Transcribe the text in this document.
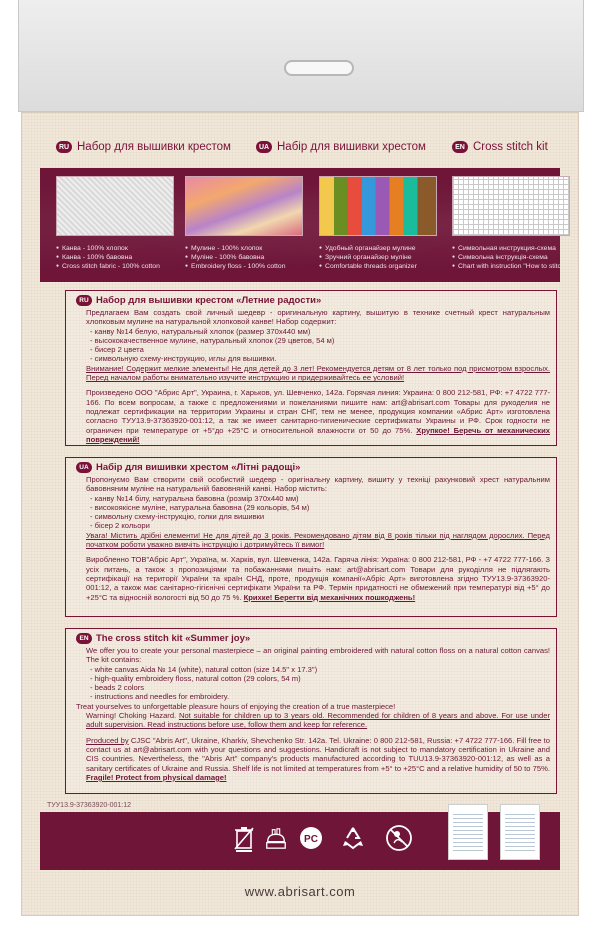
RU Набор для вышивки крестом	UA Набір для вишивки хрестом	EN Cross stitch kit
● Канва - 100% хлопок
● Канва - 100% бавовна
● Cross stitch fabric - 100% cotton
● Мулине - 100% хлопок
● Муліне - 100% бавовна
● Embroidery floss - 100% cotton
● Удобный органайзер мулине
● Зручний органайзер муліне
● Comfortable threads organizer
● Символьная инструкция-схема
● Символьна інструкція-схема
● Chart with instruction "How to stitch"
RU Набор для вышивки крестом «Летние радости»

Предлагаем Вам создать свой личный шедевр - оригинальную картину, вышитую в технике счетный крест натуральным хлопковым мулине на натуральной хлопковой канве! Набор содержит:

- канву №14 белую, натуральный хлопок (размер 370х440 мм)
- высококачественное мулине, натуральный хлопок (29 цветов, 54 м)
- бисер 2 цвета
- символьную схему-инструкцию, иглы для вышивки.

Внимание! Содержит мелкие элементы! Не для детей до 3 лет! Рекомендуется детям от 8 лет только под присмотром взрослых. Перед началом работы внимательно изучите инструкцию и придерживайтесь ее условий!

Произведено ООО "Абрис Арт", Украина, г. Харьков, ул. Шевченко, 142а. Горячая линия: Украина: 0 800 212-581, РФ: +7 4722 777-166. По всем вопросам, а также с предложениями и пожеланиями пишите нам: art@abrisart.com Товары для рукоделия не подлежат сертификации на территории Украины и стран СНГ, тем не менее, продукция компании «Абрис Арт» изготовлена согласно ТУУ13.9-37363920-001:12, а так же имеет санитарно-гигиенические сертификаты Украины и РФ. Срок годности не ограничен при температуре от +5°до +25°С и относительной влажности от 50 до 75%. Хрупкое! Беречь от механических повреждений!

UA Набір для вишивки хрестом «Літні радощі»

Пропонуємо Вам створити свій особистий шедевр - оригінальну картину, вишиту у техніці рахунковий хрест натуральним бавовняним муліне на натуральній бавовняній канві. Набор містить:

- канву №14 білу, натуральна бавовна (розмір 370х440 мм)
- високоякісне муліне, натуральна бавовна (29 кольорів, 54 м)
- символьну схему-інструкцію, голки для вишивки
- бісер 2 кольори

Увага! Містить дрібні елементи! Не для дітей до 3 років. Рекомендовано дітям від 8 років тільки під наглядом дорослих. Перед початком роботи уважно вивчіть інструкцію і дотримуйтесь її вимог!

Виробленно ТОВ"Абріс Арт", Україна, м. Харків, вул. Шевченка, 142а. Гаряча лінія: Україна: 0 800 212-581, РФ - +7 4722 777-166. З усіх питань, а також з пропозиціями та побажаннями пишіть нам: art@abrisart.com Товари для рукоділля не підлягають сертифікації на території України та країн СНД, проте, продукція компанії«Абріс Арт» виготовлена згідно ТУУ13.9-37363920-001:12, а також має санітарно-гігієнічні сертифікати України та РФ. Термін придатності не обмежений при температурі від +5° до +25°С та відносній вологості від 50 до 75 %. Крихке! Берегти від механічних пошкоджень!

EN The cross stitch kit «Summer joy»

We offer you to create your personal masterpiece – an original painting embroidered with natural cotton floss on a natural cotton canvas! The kit contains:

- white canvas Aida № 14 (white), natural cotton (size 14.5" x 17.3")
- high-quality embroidery floss, natural cotton (29 colors, 54 m)
- beads 2 colors
- instructions and needles for embroidery.

Treat yourselves to unforgettable pleasure hours of enjoying the creation of a true masterpiece!

Warning! Choking Hazard. Not suitable for children up to 3 years old. Recommended for children of 8 years and above. For use under adult supervision. Read instructions before use, follow them and keep for reference.

Produced by CJSC "Abris Art", Ukraine, Kharkiv, Shevchenko Str. 142a. Tel. Ukraine: 0 800 212-581, Russia: +7 4722 777-166. Fill free to contact us at art@abrisart.com with your questions and suggestions. Handicraft is not subject to mandatory certification in Ukraine and CIS countries. Nevertheless, the "Abris Art" company's products manufactured according to TUU13.9-37363920-001:12, as well as a sanitary certificates of Ukraine and Russia. Shelf life is not limited at temperatures from +5° to +25°C and a relative humidity of 50 to 75%. Fragile! Protect from physical damage!

ТУУ13.9-37363920-001:12
PC
www.abrisart.com
